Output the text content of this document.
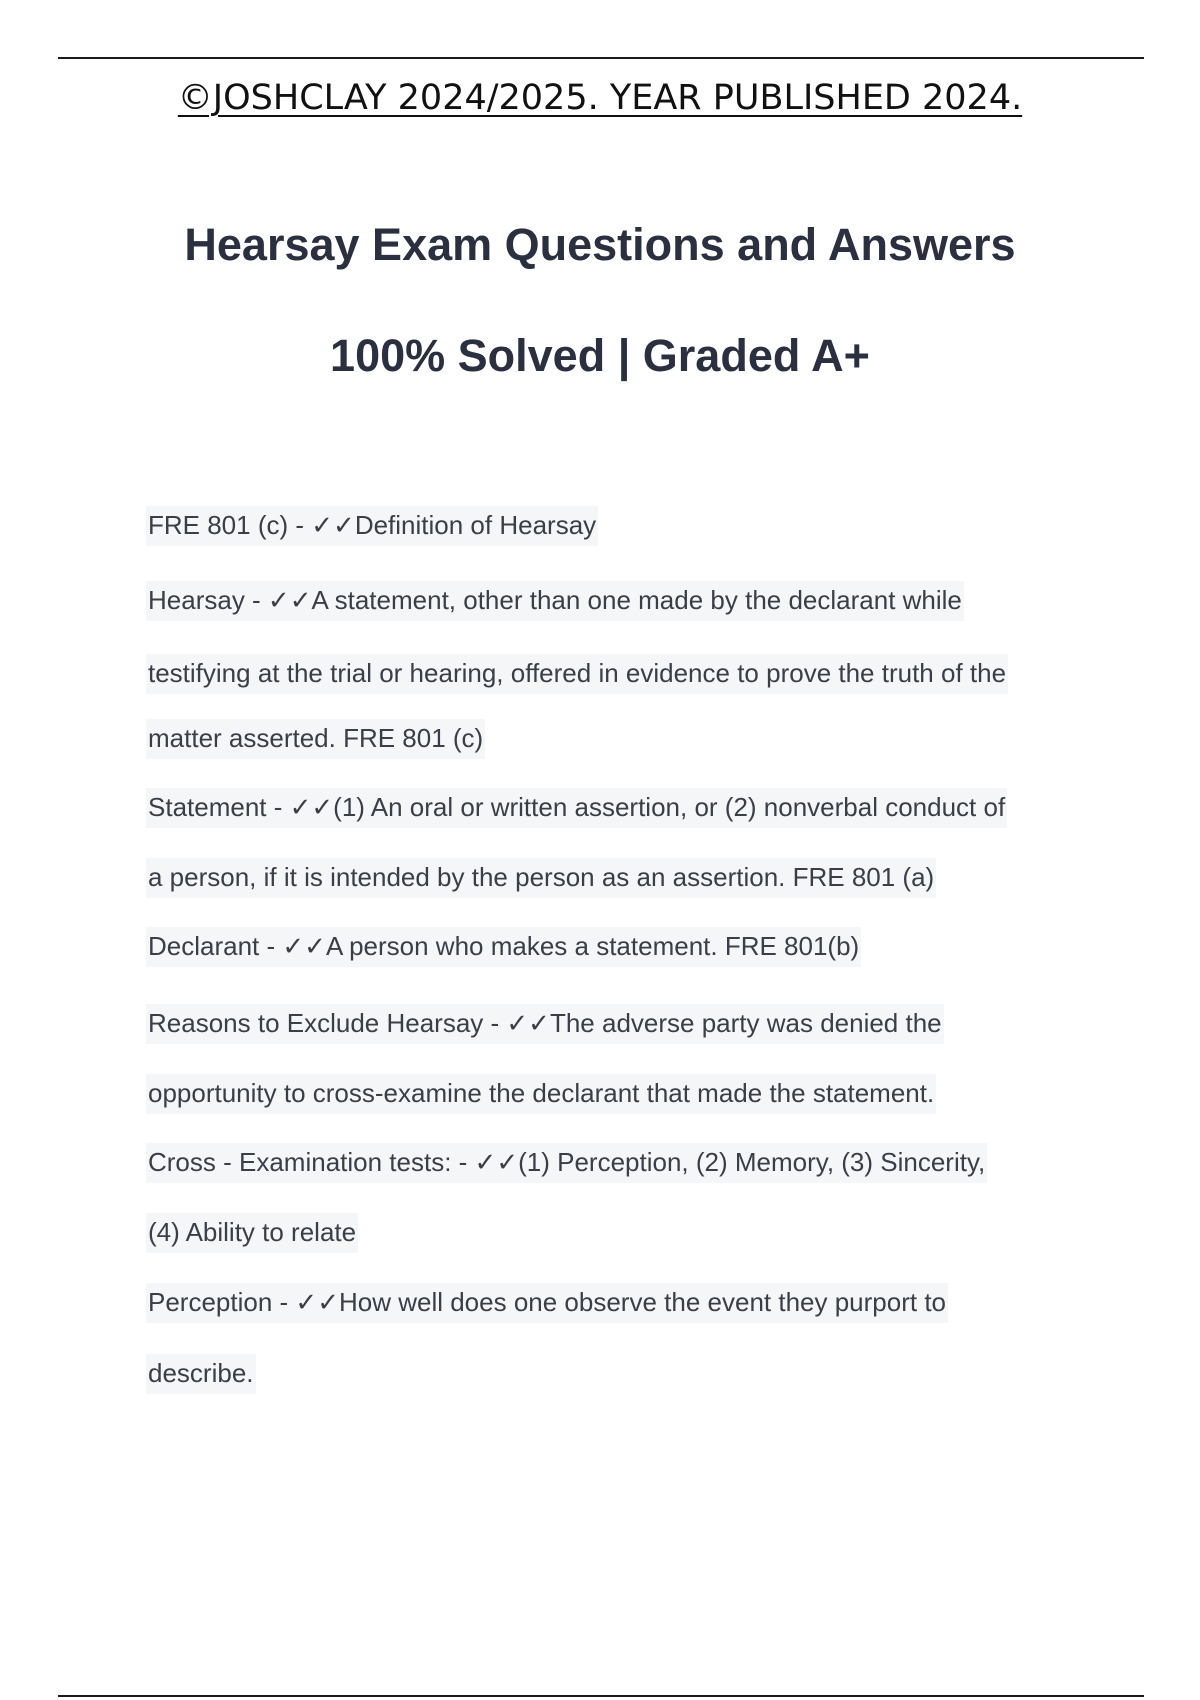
©JOSHCLAY 2024/2025. YEAR PUBLISHED 2024.
Hearsay Exam Questions and Answers
100% Solved | Graded A+
FRE 801 (c) - ✓✓Definition of Hearsay
Hearsay - ✓✓A statement, other than one made by the declarant while
testifying at the trial or hearing, offered in evidence to prove the truth of the
matter asserted. FRE 801 (c)
Statement - ✓✓(1) An oral or written assertion, or (2) nonverbal conduct of
a person, if it is intended by the person as an assertion. FRE 801 (a)
Declarant - ✓✓A person who makes a statement. FRE 801(b)
Reasons to Exclude Hearsay - ✓✓The adverse party was denied the
opportunity to cross-examine the declarant that made the statement.
Cross - Examination tests: - ✓✓(1) Perception, (2) Memory, (3) Sincerity,
(4) Ability to relate
Perception - ✓✓How well does one observe the event they purport to
describe.
